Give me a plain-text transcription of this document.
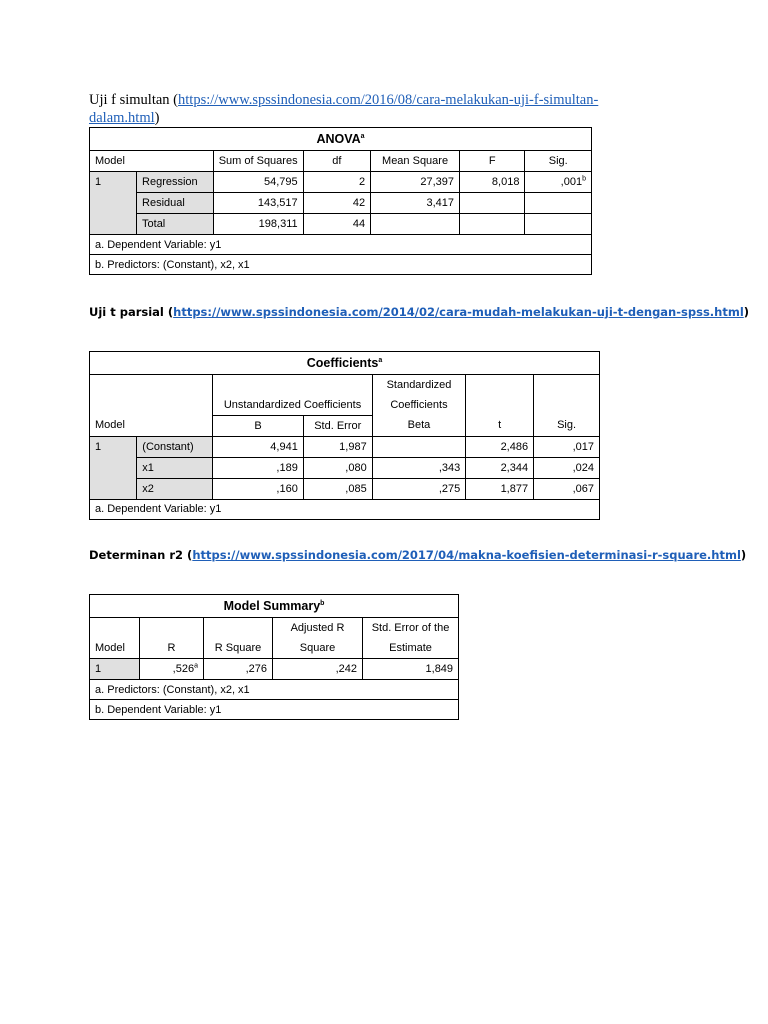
Uji f simultan (https://www.spssindonesia.com/2016/08/cara-melakukan-uji-f-simultan-dalam.html)
ANOVA$^a$
Model		Sum of Squares	df	Mean Square	F	Sig.
1	Regression	54,795	2	27,397	8,018	,001$^b$
	Residual	143,517	42	3,417		
	Total	198,311	44			
a. Dependent Variable: y1						
b. Predictors: (Constant), x2, x1						
Uji t parsial (https://www.spssindonesia.com/2014/02/cara-mudah-melakukan-uji-t-dengan-spss.html)
Coefficients$^a$
		Unstandardized Coefficients		Standardized		
				Coefficients		
Model		B	Std. Error	Beta	t	Sig.
1	(Constant)	4,941	1,987		2,486	,017
	x1	,189	,080	,343	2,344	,024
	x2	,160	,085	,275	1,877	,067
a. Dependent Variable: y1						
Determinan r2 (https://www.spssindonesia.com/2017/04/makna-koefisien-determinasi-r-square.html)
Model Summary$^b$
			Adjusted R	Std. Error of the
Model	R	R Square	Square	Estimate
1	,526$^a$	,276	,242	1,849
a. Predictors: (Constant), x2, x1				
b. Dependent Variable: y1				
